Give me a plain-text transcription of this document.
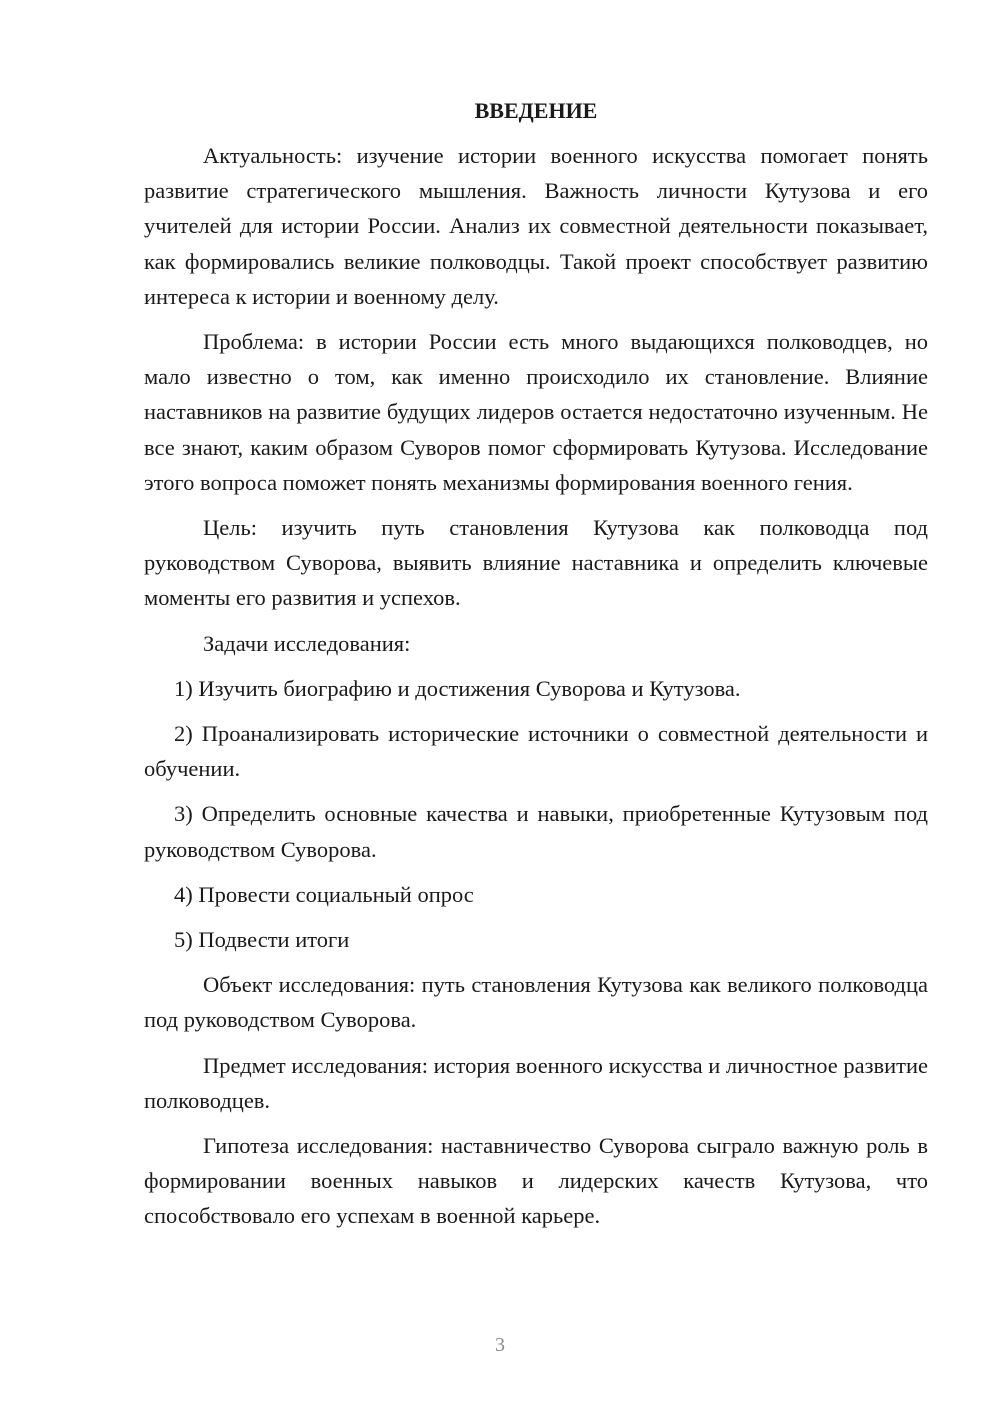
ВВЕДЕНИЕ

Актуальность: изучение истории военного искусства помогает понять развитие стратегического мышления. Важность личности Кутузова и его учителей для истории России. Анализ их совместной деятельности показывает, как формировались великие полководцы. Такой проект способствует развитию интереса к истории и военному делу.

Проблема: в истории России есть много выдающихся полководцев, но мало известно о том, как именно происходило их становление. Влияние наставников на развитие будущих лидеров остается недостаточно изученным. Не все знают, каким образом Суворов помог сформировать Кутузова. Исследование этого вопроса поможет понять механизмы формирования военного гения.

Цель: изучить путь становления Кутузова как полководца под руководством Суворова, выявить влияние наставника и определить ключевые моменты его развития и успехов.

Задачи исследования:

1) Изучить биографию и достижения Суворова и Кутузова.

2) Проанализировать исторические источники о совместной деятельности и обучении.

3) Определить основные качества и навыки, приобретенные Кутузовым под руководством Суворова.

4) Провести социальный опрос

5) Подвести итоги

Объект исследования: путь становления Кутузова как великого полководца под руководством Суворова.

Предмет исследования: история военного искусства и личностное развитие полководцев.

Гипотеза исследования: наставничество Суворова сыграло важную роль в формировании военных навыков и лидерских качеств Кутузова, что способствовало его успехам в военной карьере.

3
